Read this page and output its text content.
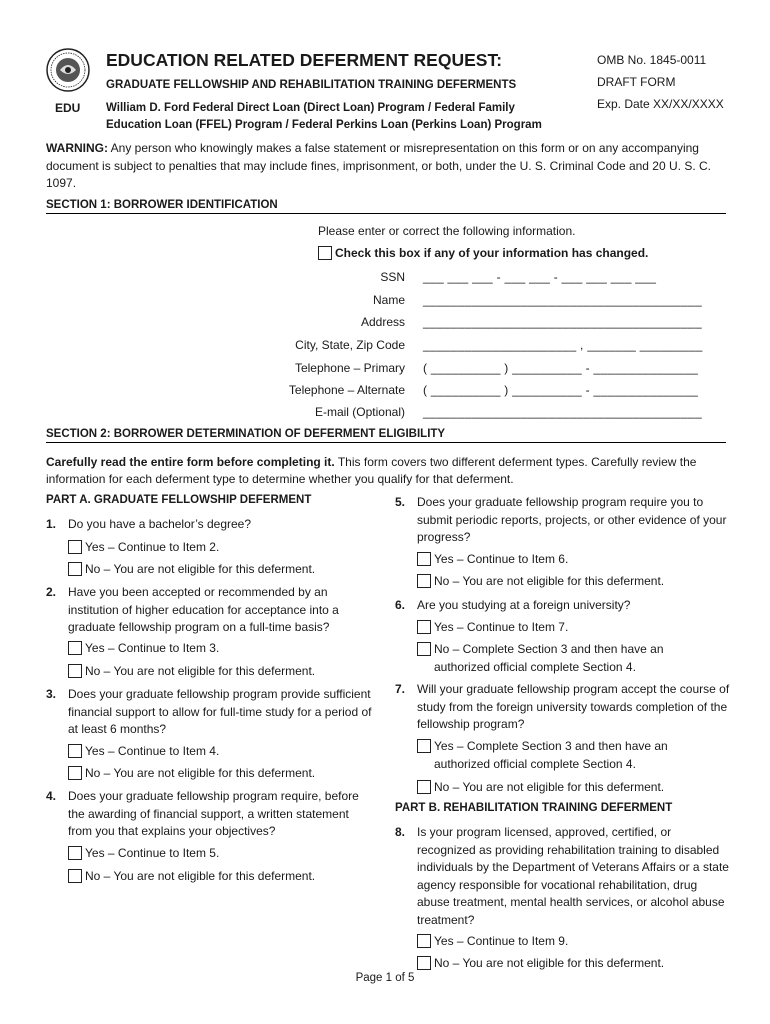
EDU
EDUCATION RELATED DEFERMENT REQUEST:
GRADUATE FELLOWSHIP AND REHABILITATION TRAINING DEFERMENTS
William D. Ford Federal Direct Loan (Direct Loan) Program / Federal Family
Education Loan (FFEL) Program / Federal Perkins Loan (Perkins Loan) Program
OMB No. 1845-0011
DRAFT FORM
Exp. Date XX/XX/XXXX
WARNING: Any person who knowingly makes a false statement or misrepresentation on this form or on any accompanying document is subject to penalties that may include fines, imprisonment, or both, under the U. S. Criminal Code and 20 U. S. C. 1097.
SECTION 1: BORROWER IDENTIFICATION
Please enter or correct the following information.
Check this box if any of your information has changed.
SSN ___ ___ ___ - ___ ___ - ___ ___ ___ ___
Name ________________________________________
Address ________________________________________
City, State, Zip Code ______________________ , _______ _________
Telephone – Primary ( __________ ) __________ - _______________
Telephone – Alternate ( __________ ) __________ - _______________
E-mail (Optional) ________________________________________
SECTION 2: BORROWER DETERMINATION OF DEFERMENT ELIGIBILITY
Carefully read the entire form before completing it. This form covers two different deferment types. Carefully review the information for each deferment type to determine whether you qualify for that deferment.
PART A. GRADUATE FELLOWSHIP DEFERMENT
1. Do you have a bachelor’s degree?
Yes – Continue to Item 2.
No – You are not eligible for this deferment.
2. Have you been accepted or recommended by an institution of higher education for acceptance into a graduate fellowship program on a full-time basis?
Yes – Continue to Item 3.
No – You are not eligible for this deferment.
3. Does your graduate fellowship program provide sufficient financial support to allow for full-time study for a period of at least 6 months?
Yes – Continue to Item 4.
No – You are not eligible for this deferment.
4. Does your graduate fellowship program require, before the awarding of financial support, a written statement from you that explains your objectives?
Yes – Continue to Item 5.
No – You are not eligible for this deferment.
5. Does your graduate fellowship program require you to submit periodic reports, projects, or other evidence of your progress?
Yes – Continue to Item 6.
No – You are not eligible for this deferment.
6. Are you studying at a foreign university?
Yes – Continue to Item 7.
No – Complete Section 3 and then have an authorized official complete Section 4.
7. Will your graduate fellowship program accept the course of study from the foreign university towards completion of the fellowship program?
Yes – Complete Section 3 and then have an authorized official complete Section 4.
No – You are not eligible for this deferment.
PART B. REHABILITATION TRAINING DEFERMENT
8. Is your program licensed, approved, certified, or recognized as providing rehabilitation training to disabled individuals by the Department of Veterans Affairs or a state agency responsible for vocational rehabilitation, drug abuse treatment, mental health services, or alcohol abuse treatment?
Yes – Continue to Item 9.
No – You are not eligible for this deferment.
Page 1 of 5
